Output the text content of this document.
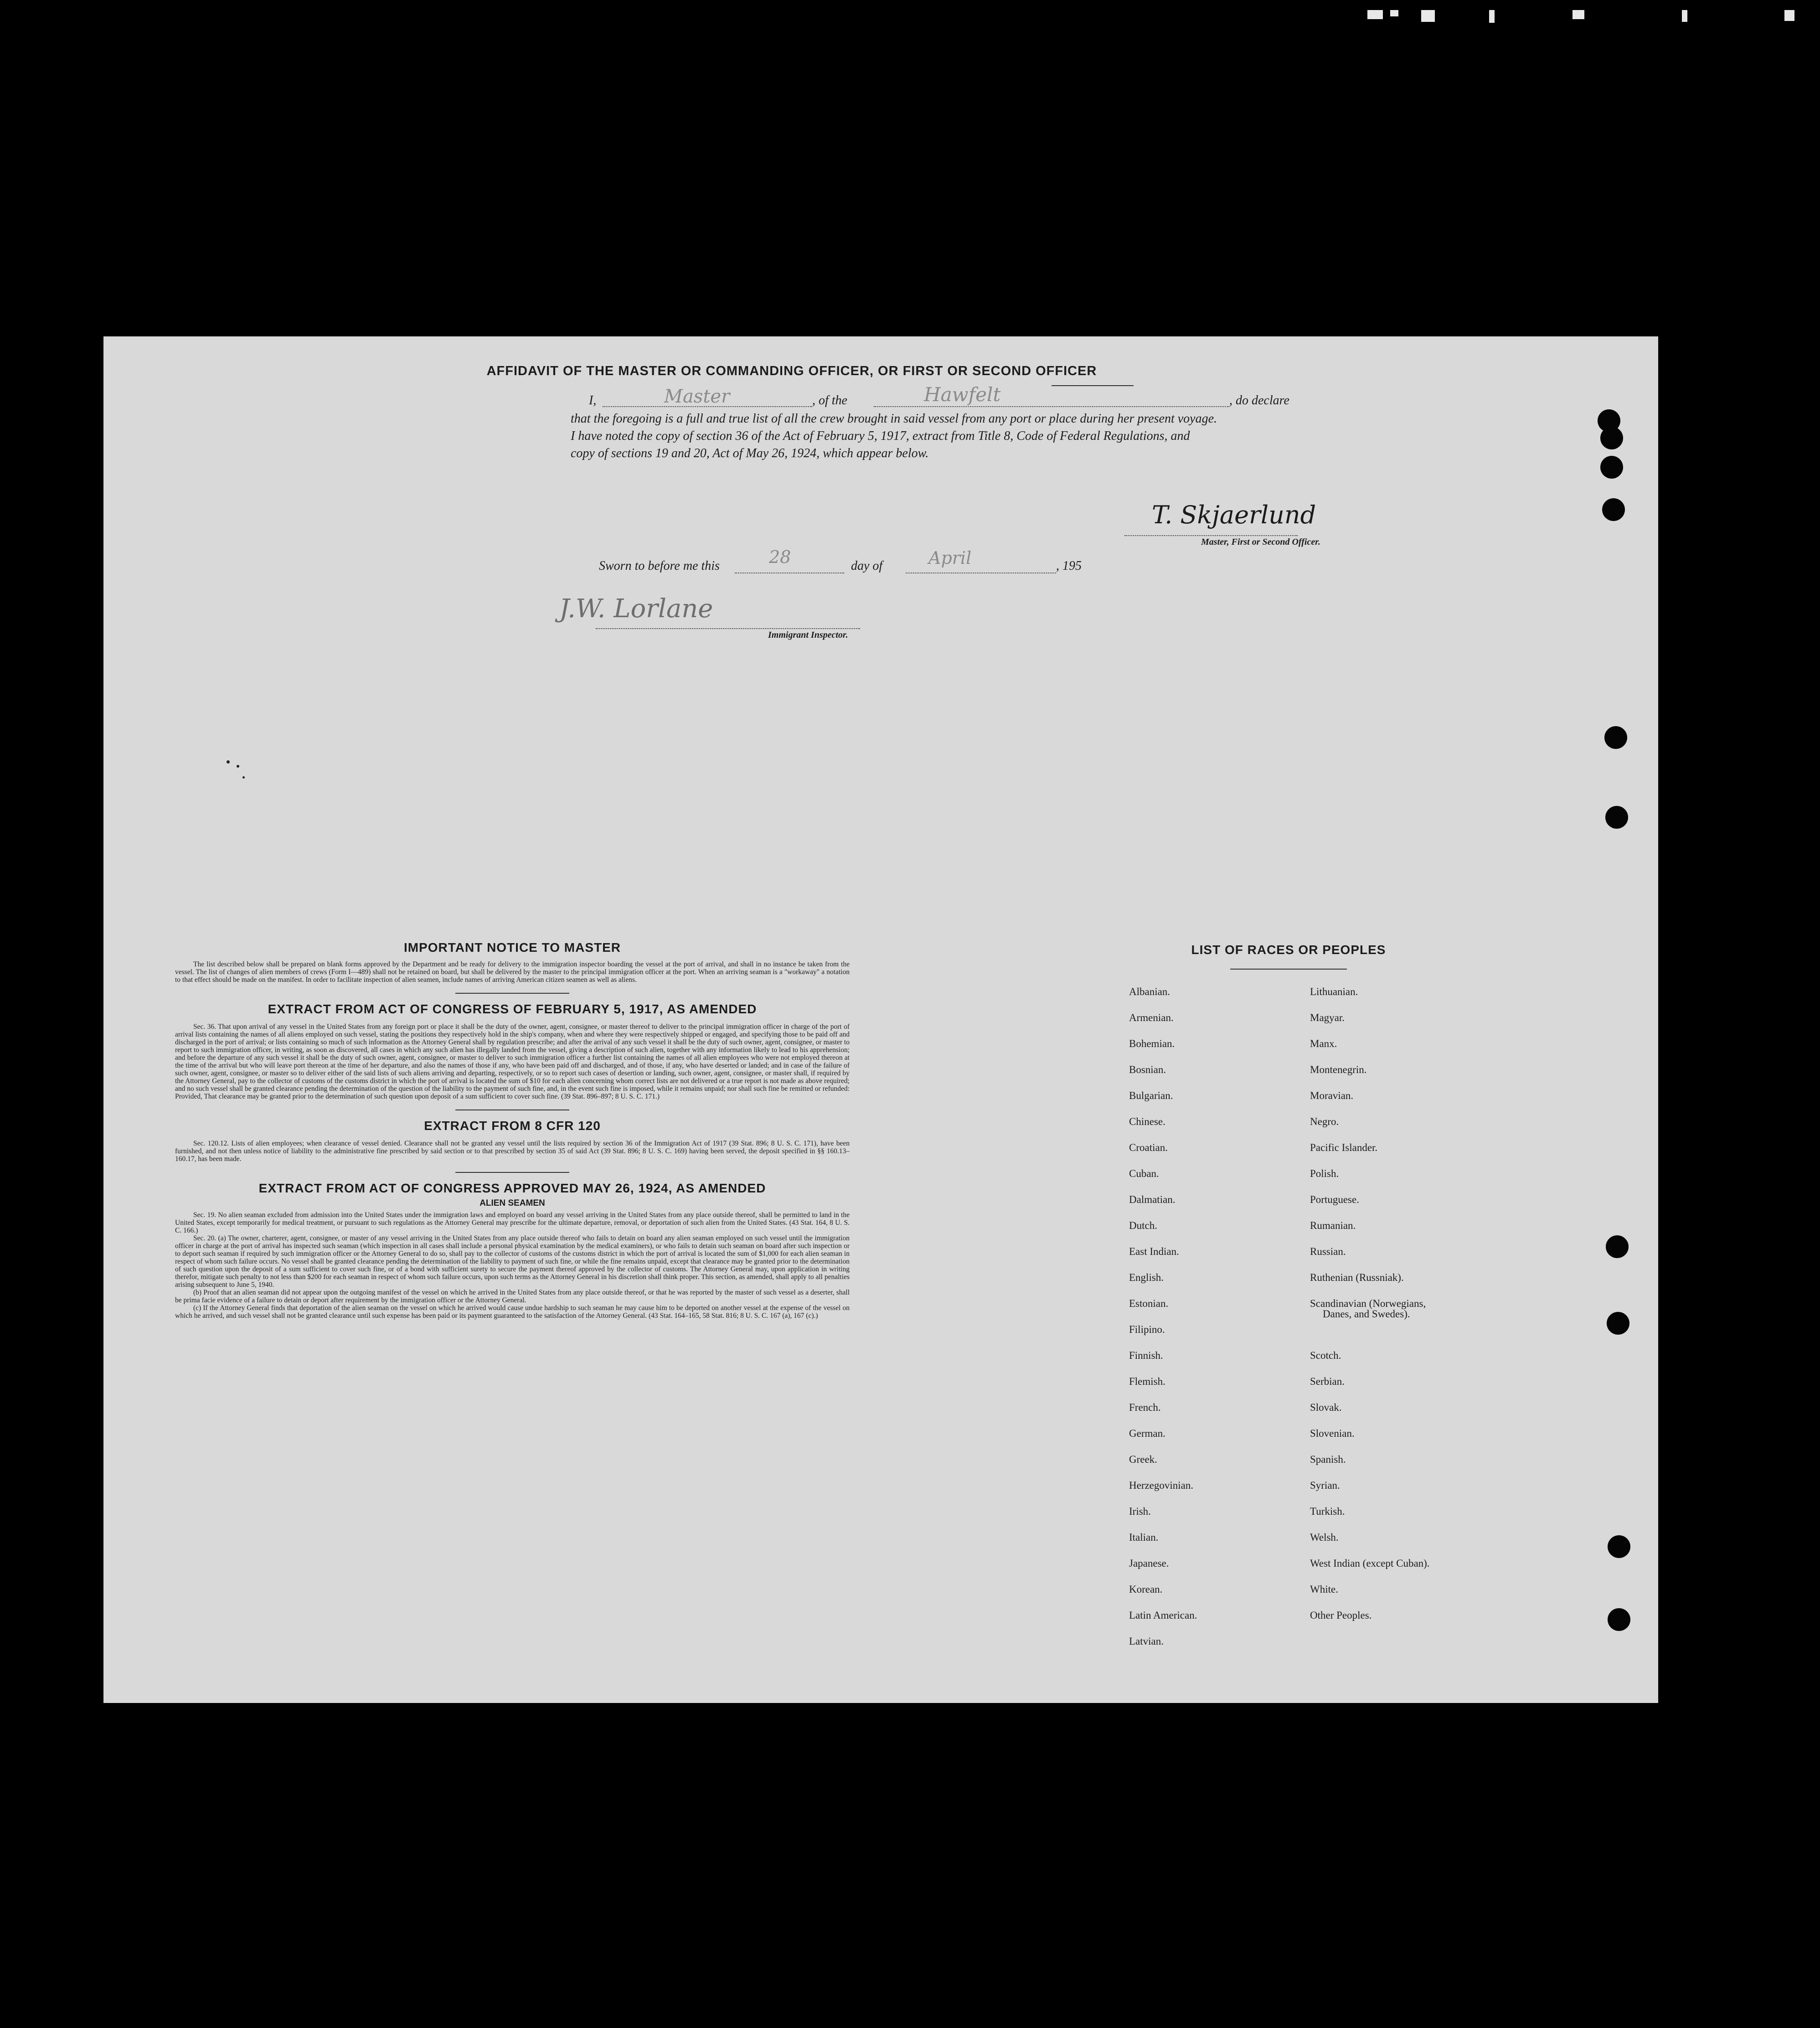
AFFIDAVIT OF THE MASTER OR COMMANDING OFFICER, OR FIRST OR SECOND OFFICER
I,	Master	, of the	Hawfelt	, do declare
that the foregoing is a full and true list of all the crew brought in said vessel from any port or place during her present voyage.
I have noted the copy of section 36 of the Act of February 5, 1917, extract from Title 8, Code of Federal Regulations, and
copy of sections 19 and 20, Act of May 26, 1924, which appear below.
T. Skjaerlund
Master, First or Second Officer.
Sworn to before me this	28	day of	April	, 195
J.W. Lorlane
Immigrant Inspector.
IMPORTANT NOTICE TO MASTER

The list described below shall be prepared on blank forms approved by the Department and be ready for delivery to the immigration inspector boarding the vessel at the port of arrival, and shall in no instance be taken from the vessel. The list of changes of alien members of crews (Form I—489) shall not be retained on board, but shall be delivered by the master to the principal immigration officer at the port. When an arriving seaman is a "workaway" a notation to that effect should be made on the manifest. In order to facilitate inspection of alien seamen, include names of arriving American citizen seamen as well as aliens.

EXTRACT FROM ACT OF CONGRESS OF FEBRUARY 5, 1917, AS AMENDED

Sec. 36. That upon arrival of any vessel in the United States from any foreign port or place it shall be the duty of the owner, agent, consignee, or master thereof to deliver to the principal immigration officer in charge of the port of arrival lists containing the names of all aliens employed on such vessel, stating the positions they respectively hold in the ship's company, when and where they were respectively shipped or engaged, and specifying those to be paid off and discharged in the port of arrival; or lists containing so much of such information as the Attorney General shall by regulation prescribe; and after the arrival of any such vessel it shall be the duty of such owner, agent, consignee, or master to report to such immigration officer, in writing, as soon as discovered, all cases in which any such alien has illegally landed from the vessel, giving a description of such alien, together with any information likely to lead to his apprehension; and before the departure of any such vessel it shall be the duty of such owner, agent, consignee, or master to deliver to such immigration officer a further list containing the names of all alien employees who were not employed thereon at the time of the arrival but who will leave port thereon at the time of her departure, and also the names of those if any, who have been paid off and discharged, and of those, if any, who have deserted or landed; and in case of the failure of such owner, agent, consignee, or master so to deliver either of the said lists of such aliens arriving and departing, respectively, or so to report such cases of desertion or landing, such owner, agent, consignee, or master shall, if required by the Attorney General, pay to the collector of customs of the customs district in which the port of arrival is located the sum of $10 for each alien concerning whom correct lists are not delivered or a true report is not made as above required; and no such vessel shall be granted clearance pending the determination of the question of the liability to the payment of such fine, and, in the event such fine is imposed, while it remains unpaid; nor shall such fine be remitted or refunded: Provided, That clearance may be granted prior to the determination of such question upon deposit of a sum sufficient to cover such fine. (39 Stat. 896–897; 8 U. S. C. 171.)

EXTRACT FROM 8 CFR 120

Sec. 120.12. Lists of alien employees; when clearance of vessel denied. Clearance shall not be granted any vessel until the lists required by section 36 of the Immigration Act of 1917 (39 Stat. 896; 8 U. S. C. 171), have been furnished, and not then unless notice of liability to the administrative fine prescribed by said section or to that prescribed by section 35 of said Act (39 Stat. 896; 8 U. S. C. 169) having been served, the deposit specified in §§ 160.13–160.17, has been made.

EXTRACT FROM ACT OF CONGRESS APPROVED MAY 26, 1924, AS AMENDED
ALIEN SEAMEN

Sec. 19. No alien seaman excluded from admission into the United States under the immigration laws and employed on board any vessel arriving in the United States from any place outside thereof, shall be permitted to land in the United States, except temporarily for medical treatment, or pursuant to such regulations as the Attorney General may prescribe for the ultimate departure, removal, or deportation of such alien from the United States. (43 Stat. 164, 8 U. S. C. 166.)

Sec. 20. (a) The owner, charterer, agent, consignee, or master of any vessel arriving in the United States from any place outside thereof who fails to detain on board any alien seaman employed on such vessel until the immigration officer in charge at the port of arrival has inspected such seaman (which inspection in all cases shall include a personal physical examination by the medical examiners), or who fails to detain such seaman on board after such inspection or to deport such seaman if required by such immigration officer or the Attorney General to do so, shall pay to the collector of customs of the customs district in which the port of arrival is located the sum of $1,000 for each alien seaman in respect of whom such failure occurs. No vessel shall be granted clearance pending the determination of the liability to payment of such fine, or while the fine remains unpaid, except that clearance may be granted prior to the determination of such question upon the deposit of a sum sufficient to cover such fine, or of a bond with sufficient surety to secure the payment thereof approved by the collector of customs. The Attorney General may, upon application in writing therefor, mitigate such penalty to not less than $200 for each seaman in respect of whom such failure occurs, upon such terms as the Attorney General in his discretion shall think proper. This section, as amended, shall apply to all penalties arising subsequent to June 5, 1940.

(b) Proof that an alien seaman did not appear upon the outgoing manifest of the vessel on which he arrived in the United States from any place outside thereof, or that he was reported by the master of such vessel as a deserter, shall be prima facie evidence of a failure to detain or deport after requirement by the immigration officer or the Attorney General.

(c) If the Attorney General finds that deportation of the alien seaman on the vessel on which he arrived would cause undue hardship to such seaman he may cause him to be deported on another vessel at the expense of the vessel on which he arrived, and such vessel shall not be granted clearance until such expense has been paid or its payment guaranteed to the satisfaction of the Attorney General. (43 Stat. 164–165, 58 Stat. 816; 8 U. S. C. 167 (a), 167 (c).)

LIST OF RACES OR PEOPLES
Albanian.
Armenian.
Bohemian.
Bosnian.
Bulgarian.
Chinese.
Croatian.
Cuban.
Dalmatian.
Dutch.
East Indian.
English.
Estonian.
Filipino.
Finnish.
Flemish.
French.
German.
Greek.
Herzegovinian.
Irish.
Italian.
Japanese.
Korean.
Latin American.
Latvian.
Lithuanian.
Magyar.
Manx.
Montenegrin.
Moravian.
Negro.
Pacific Islander.
Polish.
Portuguese.
Rumanian.
Russian.
Ruthenian (Russniak).
Scandinavian (Norwegians,
Danes, and Swedes).
Scotch.
Serbian.
Slovak.
Slovenian.
Spanish.
Syrian.
Turkish.
Welsh.
West Indian (except Cuban).
White.
Other Peoples.
